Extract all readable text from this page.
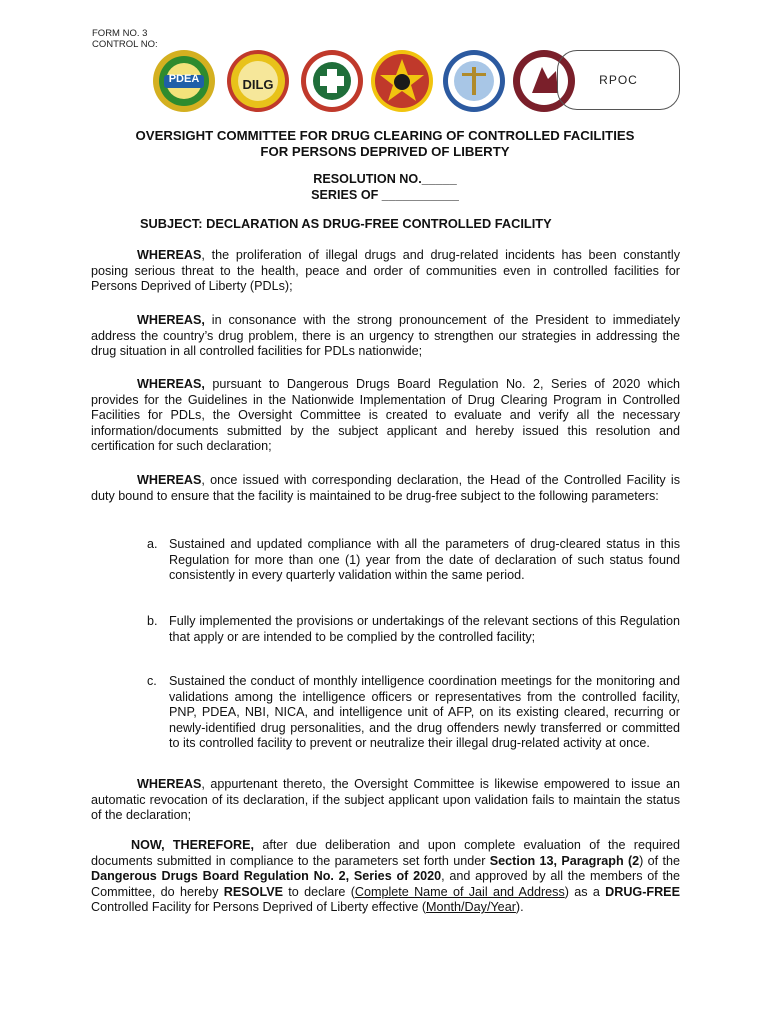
FORM NO. 3
CONTROL NO:
PDEA	DILG	RPOC
OVERSIGHT COMMITTEE FOR DRUG CLEARING OF CONTROLLED FACILITIES
FOR PERSONS DEPRIVED OF LIBERTY
RESOLUTION NO._____
SERIES OF ___________
SUBJECT: DECLARATION AS DRUG-FREE CONTROLLED FACILITY
WHEREAS, the proliferation of illegal drugs and drug-related incidents has been constantly posing serious threat to the health, peace and order of communities even in controlled facilities for Persons Deprived of Liberty (PDLs);
WHEREAS, in consonance with the strong pronouncement of the President to immediately address the country’s drug problem, there is an urgency to strengthen our strategies in addressing the drug situation in all controlled facilities for PDLs nationwide;
WHEREAS, pursuant to Dangerous Drugs Board Regulation No. 2, Series of 2020 which provides for the Guidelines in the Nationwide Implementation of Drug Clearing Program in Controlled Facilities for PDLs, the Oversight Committee is created to evaluate and verify all the necessary information/documents submitted by the subject applicant and hereby issued this resolution and certification for such declaration;
WHEREAS, once issued with corresponding declaration, the Head of the Controlled Facility is duty bound to ensure that the facility is maintained to be drug-free subject to the following parameters:
a. Sustained and updated compliance with all the parameters of drug-cleared status in this Regulation for more than one (1) year from the date of declaration of such status found consistently in every quarterly validation within the same period.
b. Fully implemented the provisions or undertakings of the relevant sections of this Regulation that apply or are intended to be complied by the controlled facility;
c. Sustained the conduct of monthly intelligence coordination meetings for the monitoring and validations among the intelligence officers or representatives from the controlled facility, PNP, PDEA, NBI, NICA, and intelligence unit of AFP, on its existing cleared, recurring or newly-identified drug personalities, and the drug offenders newly transferred or committed to its controlled facility to prevent or neutralize their illegal drug-related activity at once.
WHEREAS, appurtenant thereto, the Oversight Committee is likewise empowered to issue an automatic revocation of its declaration, if the subject applicant upon validation fails to maintain the status of the declaration;
NOW, THEREFORE, after due deliberation and upon complete evaluation of the required documents submitted in compliance to the parameters set forth under Section 13, Paragraph (2) of the Dangerous Drugs Board Regulation No. 2, Series of 2020, and approved by all the members of the Committee, do hereby RESOLVE to declare (Complete Name of Jail and Address) as a DRUG-FREE Controlled Facility for Persons Deprived of Liberty effective (Month/Day/Year).
